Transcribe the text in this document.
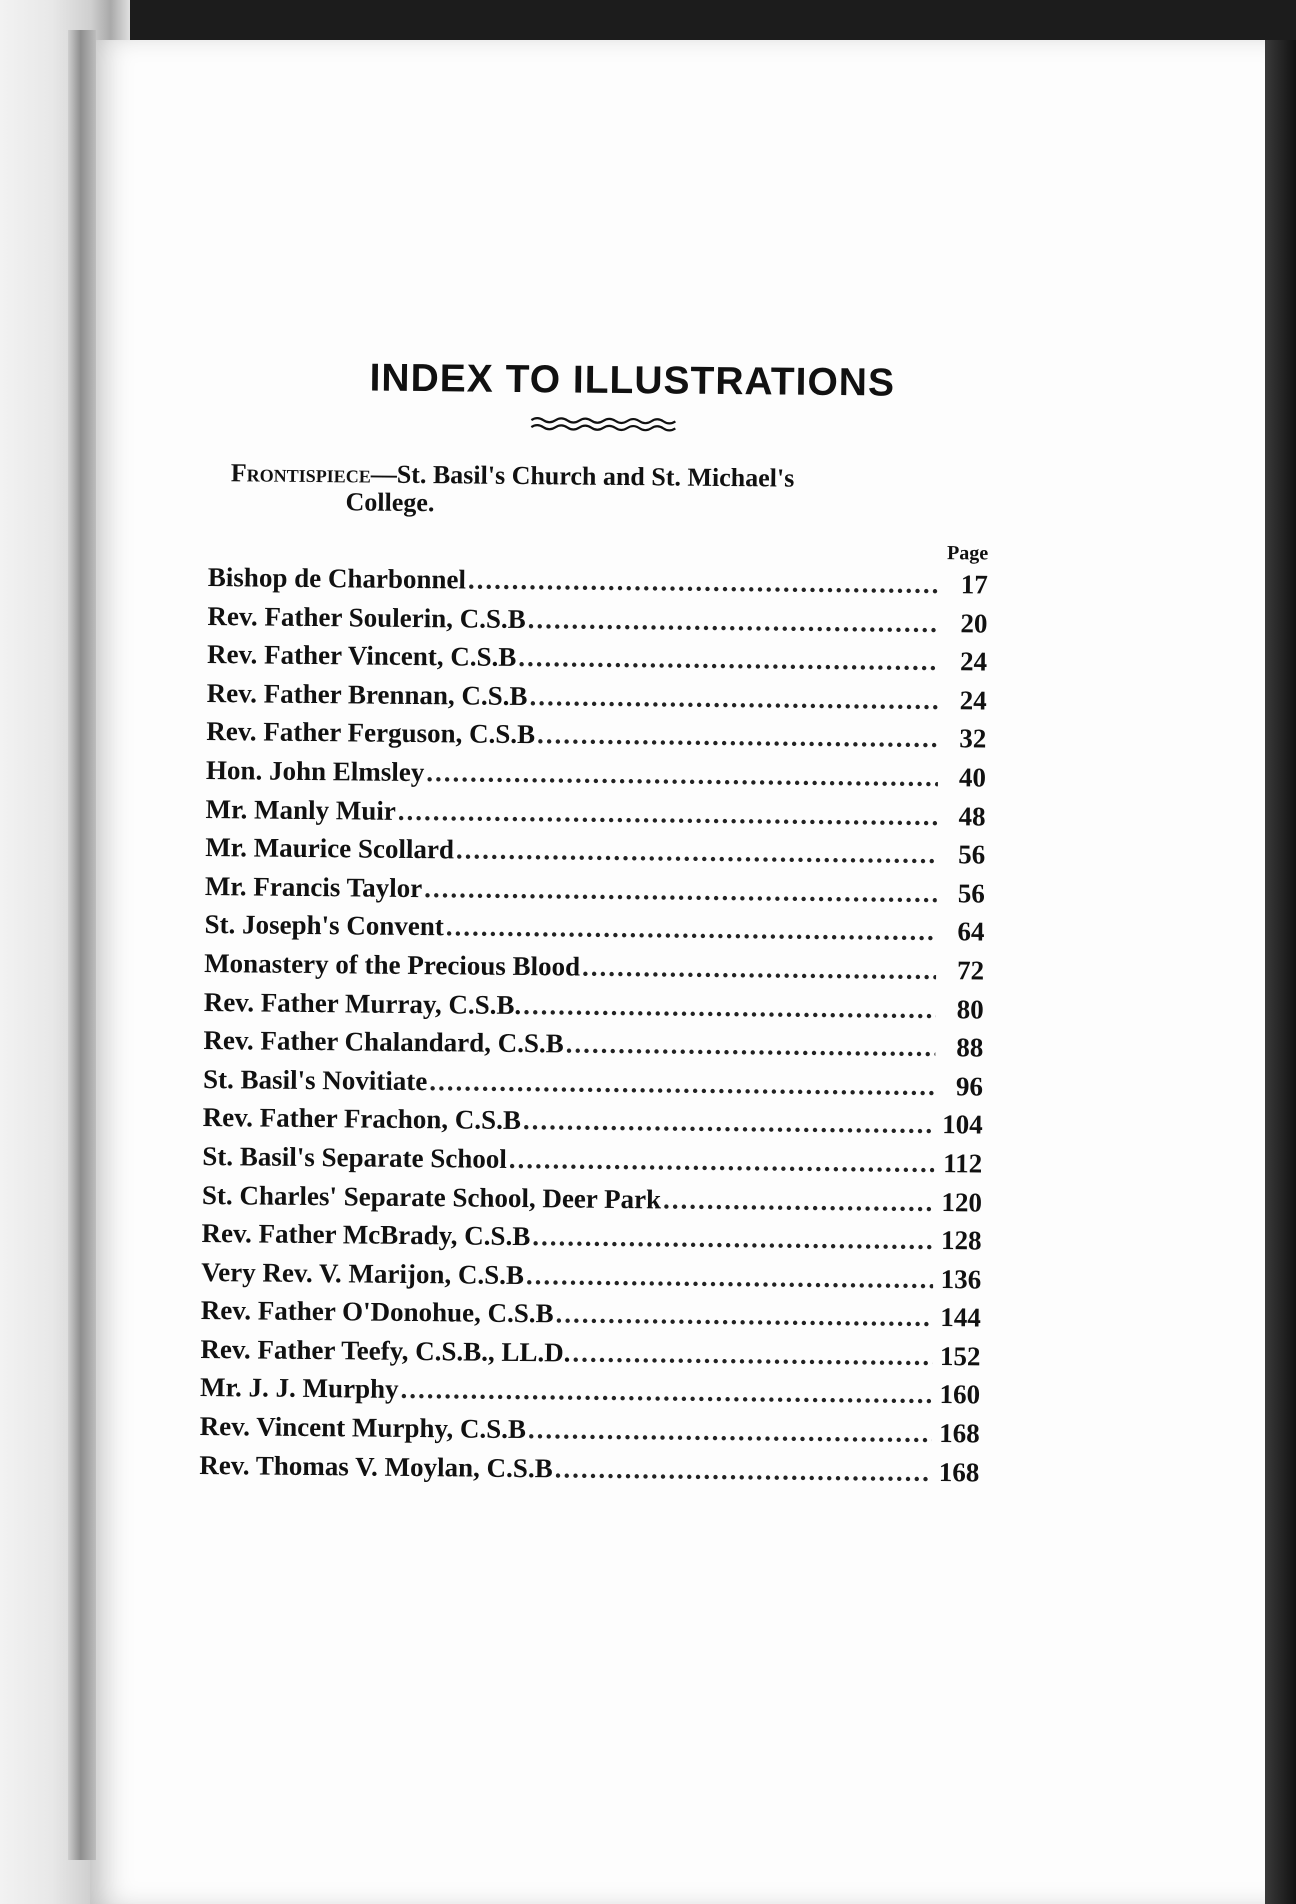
INDEX TO ILLUSTRATIONS
Frontispiece—St. Basil's Church and St. Michael's
College.
Page
Bishop de Charbonnel .....	17
Rev. Father Soulerin, C.S.B .....	20
Rev. Father Vincent, C.S.B .....	24
Rev. Father Brennan, C.S.B .....	24
Rev. Father Ferguson, C.S.B .....	32
Hon. John Elmsley .....	40
Mr. Manly Muir .....	48
Mr. Maurice Scollard .....	56
Mr. Francis Taylor .....	56
St. Joseph's Convent .....	64
Monastery of the Precious Blood .....	72
Rev. Father Murray, C.S.B. .....	80
Rev. Father Chalandard, C.S.B .....	88
St. Basil's Novitiate .....	96
Rev. Father Frachon, C.S.B .....	104
St. Basil's Separate School .....	112
St. Charles' Separate School, Deer Park .....	120
Rev. Father McBrady, C.S.B .....	128
Very Rev. V. Marijon, C.S.B .....	136
Rev. Father O'Donohue, C.S.B .....	144
Rev. Father Teefy, C.S.B., LL.D. .....	152
Mr. J. J. Murphy .....	160
Rev. Vincent Murphy, C.S.B .....	168
Rev. Thomas V. Moylan, C.S.B .....	168
